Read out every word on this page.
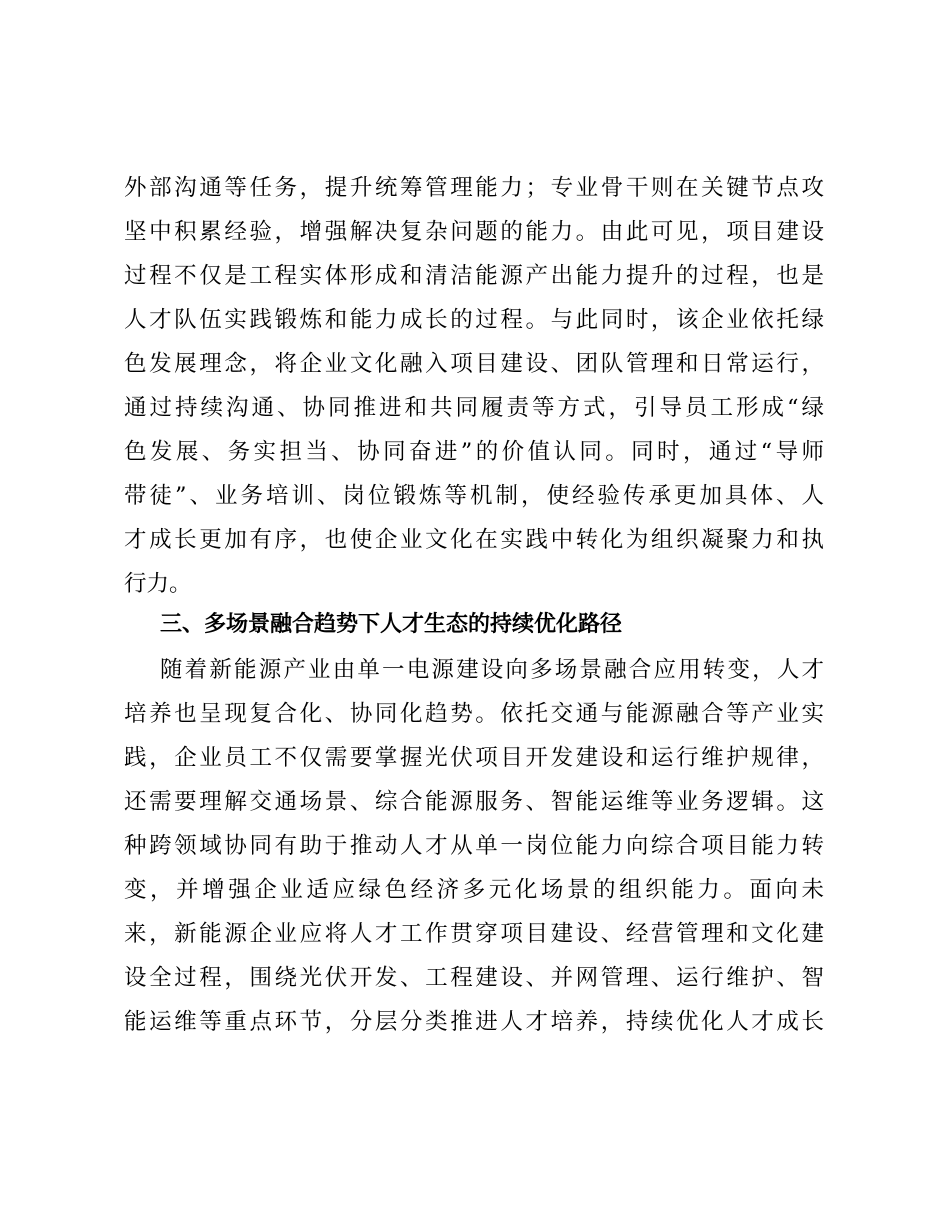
外部沟通等任务，提升统筹管理能力；专业骨干则在关键节点攻
坚中积累经验，增强解决复杂问题的能力。由此可见，项目建设
过程不仅是工程实体形成和清洁能源产出能力提升的过程，也是
人才队伍实践锻炼和能力成长的过程。与此同时，该企业依托绿
色发展理念，将企业文化融入项目建设、团队管理和日常运行，
通过持续沟通、协同推进和共同履责等方式，引导员工形成“绿
色发展、务实担当、协同奋进”的价值认同。同时，通过“导师
带徒”、业务培训、岗位锻炼等机制，使经验传承更加具体、人
才成长更加有序，也使企业文化在实践中转化为组织凝聚力和执
行力。
三、多场景融合趋势下人才生态的持续优化路径
随着新能源产业由单一电源建设向多场景融合应用转变，人才
培养也呈现复合化、协同化趋势。依托交通与能源融合等产业实
践，企业员工不仅需要掌握光伏项目开发建设和运行维护规律，
还需要理解交通场景、综合能源服务、智能运维等业务逻辑。这
种跨领域协同有助于推动人才从单一岗位能力向综合项目能力转
变，并增强企业适应绿色经济多元化场景的组织能力。面向未
来，新能源企业应将人才工作贯穿项目建设、经营管理和文化建
设全过程，围绕光伏开发、工程建设、并网管理、运行维护、智
能运维等重点环节，分层分类推进人才培养，持续优化人才成长
